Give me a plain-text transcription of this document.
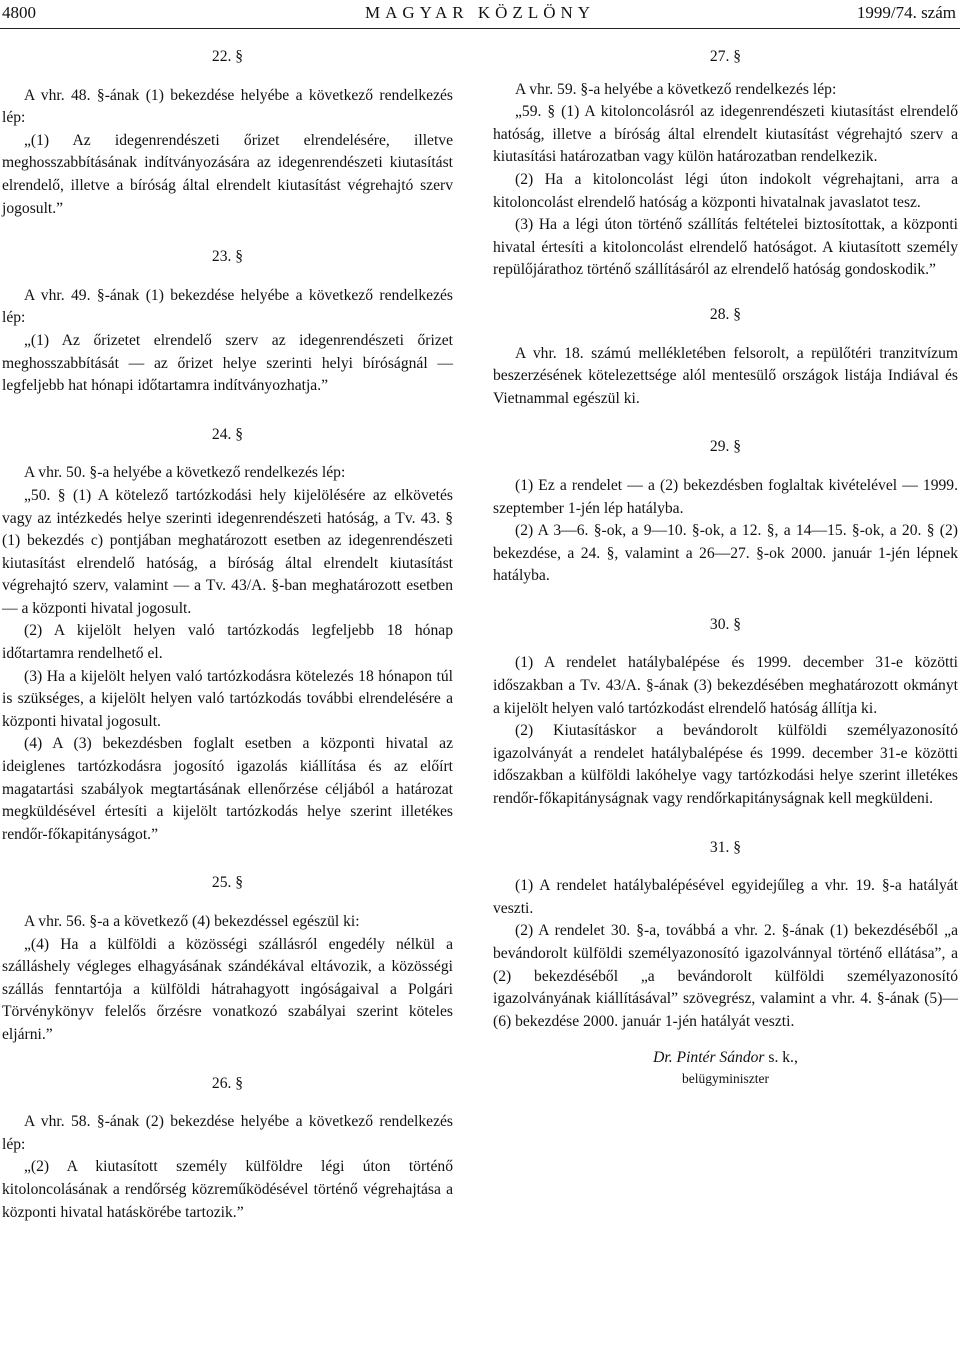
4800	MAGYAR KÖZLÖNY	1999/74. szám
22. §

A vhr. 48. §-ának (1) bekezdése helyébe a következő rendelkezés lép:

„(1) Az idegenrendészeti őrizet elrendelésére, illetve meghosszabbításának indítványozására az idegenrendészeti kiutasítást elrendelő, illetve a bíróság által elrendelt kiutasítást végrehajtó szerv jogosult.”

23. §

A vhr. 49. §-ának (1) bekezdése helyébe a következő rendelkezés lép:

„(1) Az őrizetet elrendelő szerv az idegenrendészeti őrizet meghosszabbítását — az őrizet helye szerinti helyi bíróságnál — legfeljebb hat hónapi időtartamra indítványozhatja.”

24. §

A vhr. 50. §-a helyébe a következő rendelkezés lép:

„50. § (1) A kötelező tartózkodási hely kijelölésére az elkövetés vagy az intézkedés helye szerinti idegenrendészeti hatóság, a Tv. 43. § (1) bekezdés c) pontjában meghatározott esetben az idegenrendészeti kiutasítást elrendelő hatóság, a bíróság által elrendelt kiutasítást végrehajtó szerv, valamint — a Tv. 43/A. §-ban meghatározott esetben — a központi hivatal jogosult.

(2) A kijelölt helyen való tartózkodás legfeljebb 18 hónap időtartamra rendelhető el.

(3) Ha a kijelölt helyen való tartózkodásra kötelezés 18 hónapon túl is szükséges, a kijelölt helyen való tartózkodás további elrendelésére a központi hivatal jogosult.

(4) A (3) bekezdésben foglalt esetben a központi hivatal az ideiglenes tartózkodásra jogosító igazolás kiállítása és az előírt magatartási szabályok megtartásának ellenőrzése céljából a határozat megküldésével értesíti a kijelölt tartózkodás helye szerint illetékes rendőr-főkapitányságot.”

25. §

A vhr. 56. §-a a következő (4) bekezdéssel egészül ki:

„(4) Ha a külföldi a közösségi szállásról engedély nélkül a szálláshely végleges elhagyásának szándékával eltávozik, a közösségi szállás fenntartója a külföldi hátrahagyott ingóságaival a Polgári Törvénykönyv felelős őrzésre vonatkozó szabályai szerint köteles eljárni.”

26. §

A vhr. 58. §-ának (2) bekezdése helyébe a következő rendelkezés lép:

„(2) A kiutasított személy külföldre légi úton történő kitoloncolásának a rendőrség közreműködésével történő végrehajtása a központi hivatal hatáskörébe tartozik.”

27. §

A vhr. 59. §-a helyébe a következő rendelkezés lép:

„59. § (1) A kitoloncolásról az idegenrendészeti kiutasítást elrendelő hatóság, illetve a bíróság által elrendelt kiutasítást végrehajtó szerv a kiutasítási határozatban vagy külön határozatban rendelkezik.

(2) Ha a kitoloncolást légi úton indokolt végrehajtani, arra a kitoloncolást elrendelő hatóság a központi hivatalnak javaslatot tesz.

(3) Ha a légi úton történő szállítás feltételei biztosítottak, a központi hivatal értesíti a kitoloncolást elrendelő hatóságot. A kiutasított személy repülőjárathoz történő szállításáról az elrendelő hatóság gondoskodik.”

28. §

A vhr. 18. számú mellékletében felsorolt, a repülőtéri tranzitvízum beszerzésének kötelezettsége alól mentesülő országok listája Indiával és Vietnammal egészül ki.

29. §

(1) Ez a rendelet — a (2) bekezdésben foglaltak kivételével — 1999. szeptember 1-jén lép hatályba.

(2) A 3—6. §-ok, a 9—10. §-ok, a 12. §, a 14—15. §-ok, a 20. § (2) bekezdése, a 24. §, valamint a 26—27. §-ok 2000. január 1-jén lépnek hatályba.

30. §

(1) A rendelet hatálybalépése és 1999. december 31-e közötti időszakban a Tv. 43/A. §-ának (3) bekezdésében meghatározott okmányt a kijelölt helyen való tartózkodást elrendelő hatóság állítja ki.

(2) Kiutasításkor a bevándorolt külföldi személyazonosító igazolványát a rendelet hatálybalépése és 1999. december 31-e közötti időszakban a külföldi lakóhelye vagy tartózkodási helye szerint illetékes rendőr-főkapitányságnak vagy rendőrkapitányságnak kell megküldeni.

31. §

(1) A rendelet hatálybalépésével egyidejűleg a vhr. 19. §-a hatályát veszti.

(2) A rendelet 30. §-a, továbbá a vhr. 2. §-ának (1) bekezdéséből „a bevándorolt külföldi személyazonosító igazolvánnyal történő ellátása”, a (2) bekezdéséből „a bevándorolt külföldi személyazonosító igazolványának kiállításával” szövegrész, valamint a vhr. 4. §-ának (5)—(6) bekezdése 2000. január 1-jén hatályát veszti.

Dr. Pintér Sándor s. k.,
belügyminiszter
